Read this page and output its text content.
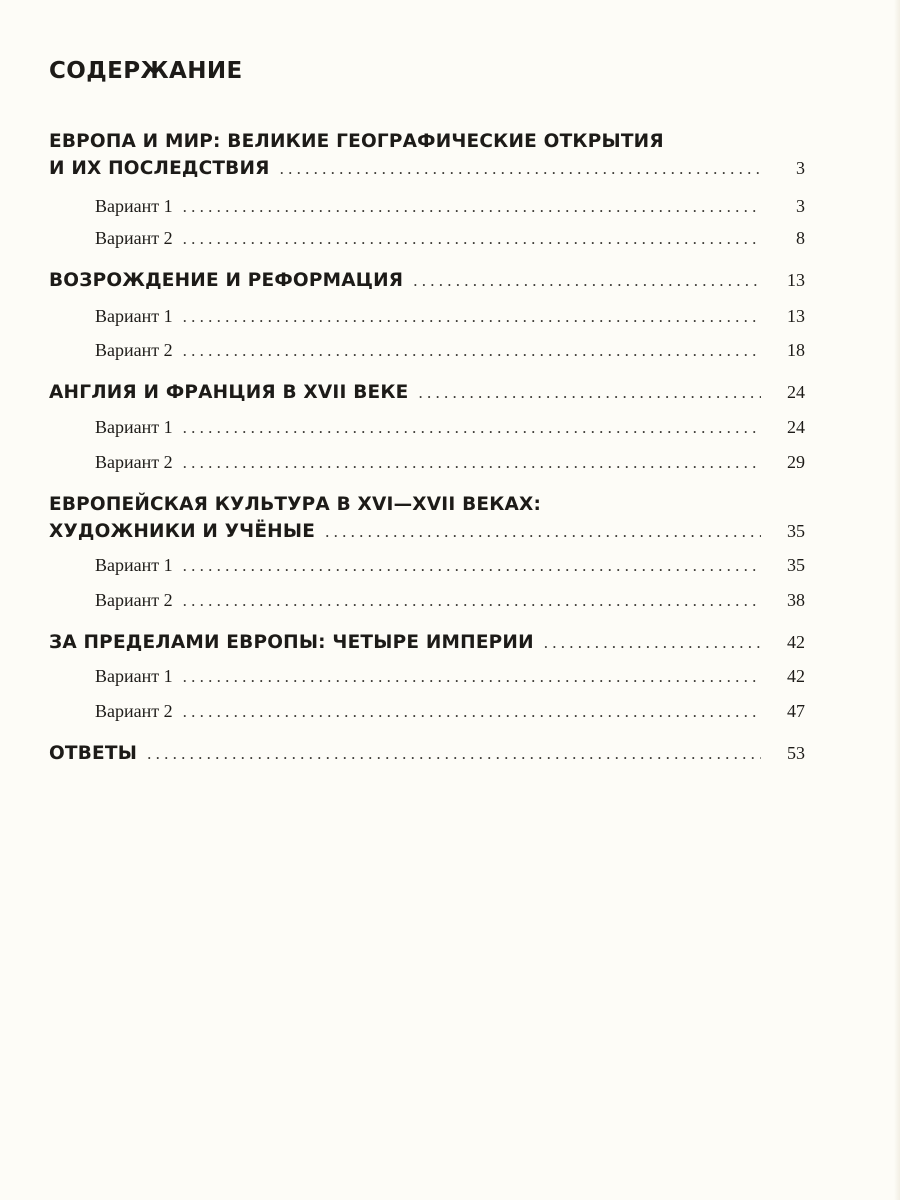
СОДЕРЖАНИЕ
ЕВРОПА И МИР: ВЕЛИКИЕ ГЕОГРАФИЧЕСКИЕ ОТКРЫТИЯ
И ИХ ПОСЛЕДСТВИЯ . . .	3
Вариант 1 . . .	3
Вариант 2 . . .	8
ВОЗРОЖДЕНИЕ И РЕФОРМАЦИЯ . . .	13
Вариант 1 . . .	13
Вариант 2 . . .	18
АНГЛИЯ И ФРАНЦИЯ В XVII ВЕКЕ . . .	24
Вариант 1 . . .	24
Вариант 2 . . .	29
ЕВРОПЕЙСКАЯ КУЛЬТУРА В XVI—XVII ВЕКАХ:
ХУДОЖНИКИ И УЧЁНЫЕ . . .	35
Вариант 1 . . .	35
Вариант 2 . . .	38
ЗА ПРЕДЕЛАМИ ЕВРОПЫ: ЧЕТЫРЕ ИМПЕРИИ . . .	42
Вариант 1 . . .	42
Вариант 2 . . .	47
ОТВЕТЫ . . .	53
